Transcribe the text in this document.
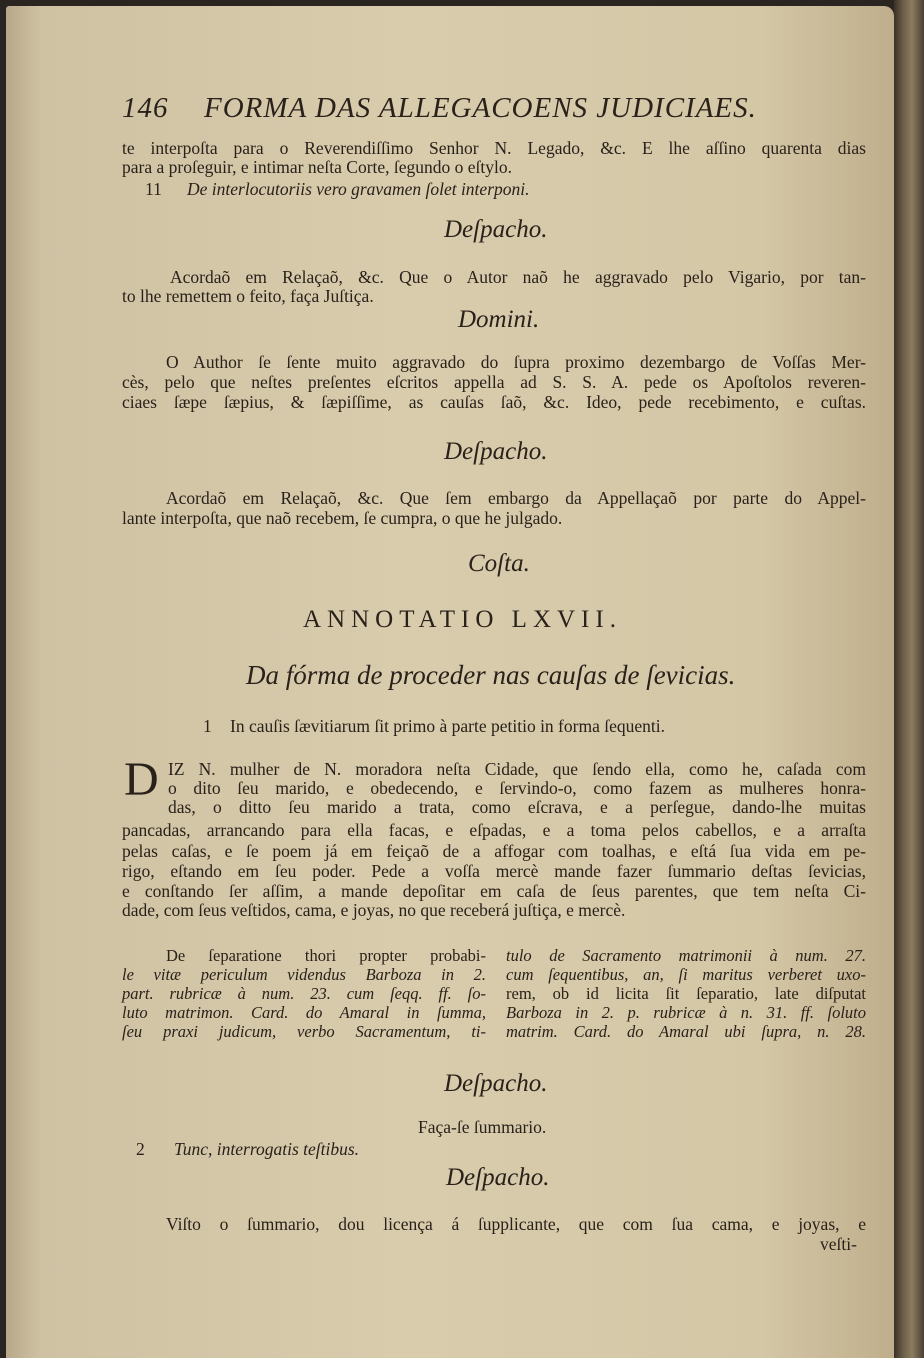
146 FORMA DAS ALLEGACOENS JUDICIAES.
te interpoſta para o Reverendiſſimo Senhor N. Legado, &c. E lhe aſſino quarenta dias
para a proſeguir, e intimar neſta Corte, ſegundo o eſtylo.
11 De interlocutoriis vero gravamen ſolet interponi.
Deſpacho.
Acordaõ em Relaçaõ, &c. Que o Autor naõ he aggravado pelo Vigario, por tan-
to lhe remettem o feito, faça Juſtiça.
Domini.
O Author ſe ſente muito aggravado do ſupra proximo dezembargo de Voſſas Mer-
cès, pelo que neſtes preſentes eſcritos appella ad S. S. A. pede os Apoſtolos reveren-
ciaes ſæpe ſæpius, & ſæpiſſime, as cauſas ſaõ, &c. Ideo, pede recebimento, e cuſtas.
Deſpacho.
Acordaõ em Relaçaõ, &c. Que ſem embargo da Appellaçaõ por parte do Appel-
lante interpoſta, que naõ recebem, ſe cumpra, o que he julgado.
Coſta.
ANNOTATIO LXVII.
Da fórma de proceder nas cauſas de ſevicias.
1 In cauſis ſævitiarum ſit primo à parte petitio in forma ſequenti.
D IZ N. mulher de N. moradora neſta Cidade, que ſendo ella, como he, caſada com
o dito ſeu marido, e obedecendo, e ſervindo-o, como fazem as mulheres honra-
das, o ditto ſeu marido a trata, como eſcrava, e a perſegue, dando-lhe muitas
pancadas, arrancando para ella facas, e eſpadas, e a toma pelos cabellos, e a arraſta
pelas caſas, e ſe poem já em feiçaõ de a affogar com toalhas, e eſtá ſua vida em pe-
rigo, eſtando em ſeu poder. Pede a voſſa mercè mande fazer ſummario deſtas ſevicias,
e conſtando ſer aſſim, a mande depoſitar em caſa de ſeus parentes, que tem neſta Ci-
dade, com ſeus veſtidos, cama, e joyas, no que receberá juſtiça, e mercè.
De ſeparatione thori propter probabi-
le vitæ periculum videndus Barboza in 2.
part. rubricæ à num. 23. cum ſeqq. ff. ſo-
luto matrimon. Card. do Amaral in ſumma,
ſeu praxi judicum, verbo Sacramentum, ti-
tulo de Sacramento matrimonii à num. 27.
cum ſequentibus, an, ſi maritus verberet uxo-
rem, ob id licita ſit ſeparatio, late diſputat
Barboza in 2. p. rubricæ à n. 31. ff. ſoluto
matrim. Card. do Amaral ubi ſupra, n. 28.
Deſpacho.
Faça-ſe ſummario.
2 Tunc, interrogatis teſtibus.
Deſpacho.
Viſto o ſummario, dou licença á ſupplicante, que com ſua cama, e joyas, e
veſti-
